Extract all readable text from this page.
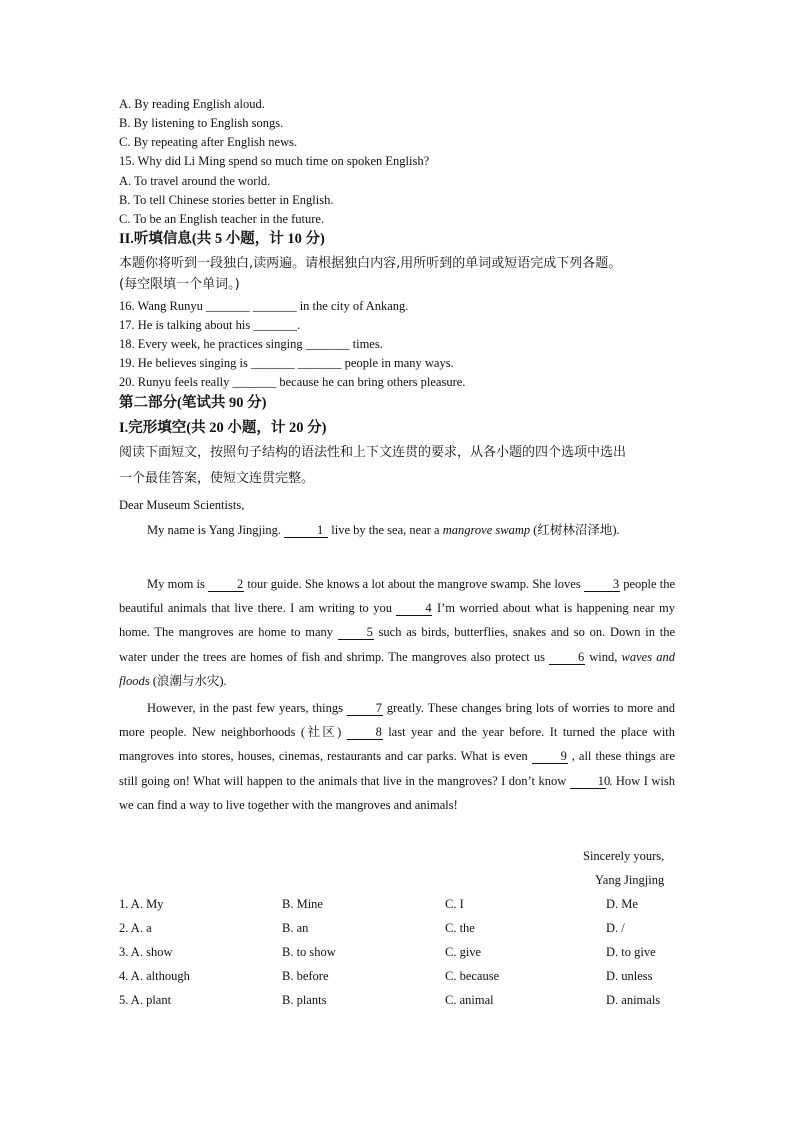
A. By reading English aloud.
B. By listening to English songs.
C. By repeating after English news.
15. Why did Li Ming spend so much time on spoken English?
A. To travel around the world.
B. To tell Chinese stories better in English.
C. To be an English teacher in the future.
II.听填信息(共 5 小题，计 10 分)
本题你将听到一段独白,读两遍。请根据独白内容,用所听到的单词或短语完成下列各题。
(每空限填一个单词。)
16. Wang Runyu _______ _______ in the city of Ankang.
17. He is talking about his _______.
18. Every week, he practices singing _______ times.
19. He believes singing is _______ _______ people in many ways.
20. Runyu feels really _______ because he can bring others pleasure.
第二部分(笔试共 90 分)
I.完形填空(共 20 小题，计 20 分)
阅读下面短文，按照句子结构的语法性和上下文连贯的要求，从各小题的四个选项中选出
一个最佳答案，使短文连贯完整。
Dear Museum Scientists,
My name is Yang Jingjing.	1 live by the sea, near a mangrove swamp (红树林沼泽地).
My mom is	2 tour guide. She knows a lot about the mangrove swamp. She loves	3 people the beautiful animals that live there. I am writing to you	4 I’m worried about what is happening near my home. The mangroves are home to many	5 such as birds, butterflies, snakes and so on. Down in the water under the trees are homes of fish and shrimp. The mangroves also protect us	6 wind, waves and floods (浪潮与水灾).
However, in the past few years, things	7 greatly. These changes bring lots of worries to more and more people. New neighborhoods (社区)	8 last year and the year before. It turned the place with mangroves into stores, houses, cinemas, restaurants and car parks. What is even	9 , all these things are still going on! What will happen to the animals that live in the mangroves? I don’t know	10 . How I wish we can find a way to live together with the mangroves and animals!
Sincerely yours,
Yang Jingjing
1. A. My	B. Mine	C. I	D. Me
2. A. a	B. an	C. the	D. /
3. A. show	B. to show	C. give	D. to give
4. A. although	B. before	C. because	D. unless
5. A. plant	B. plants	C. animal	D. animals
